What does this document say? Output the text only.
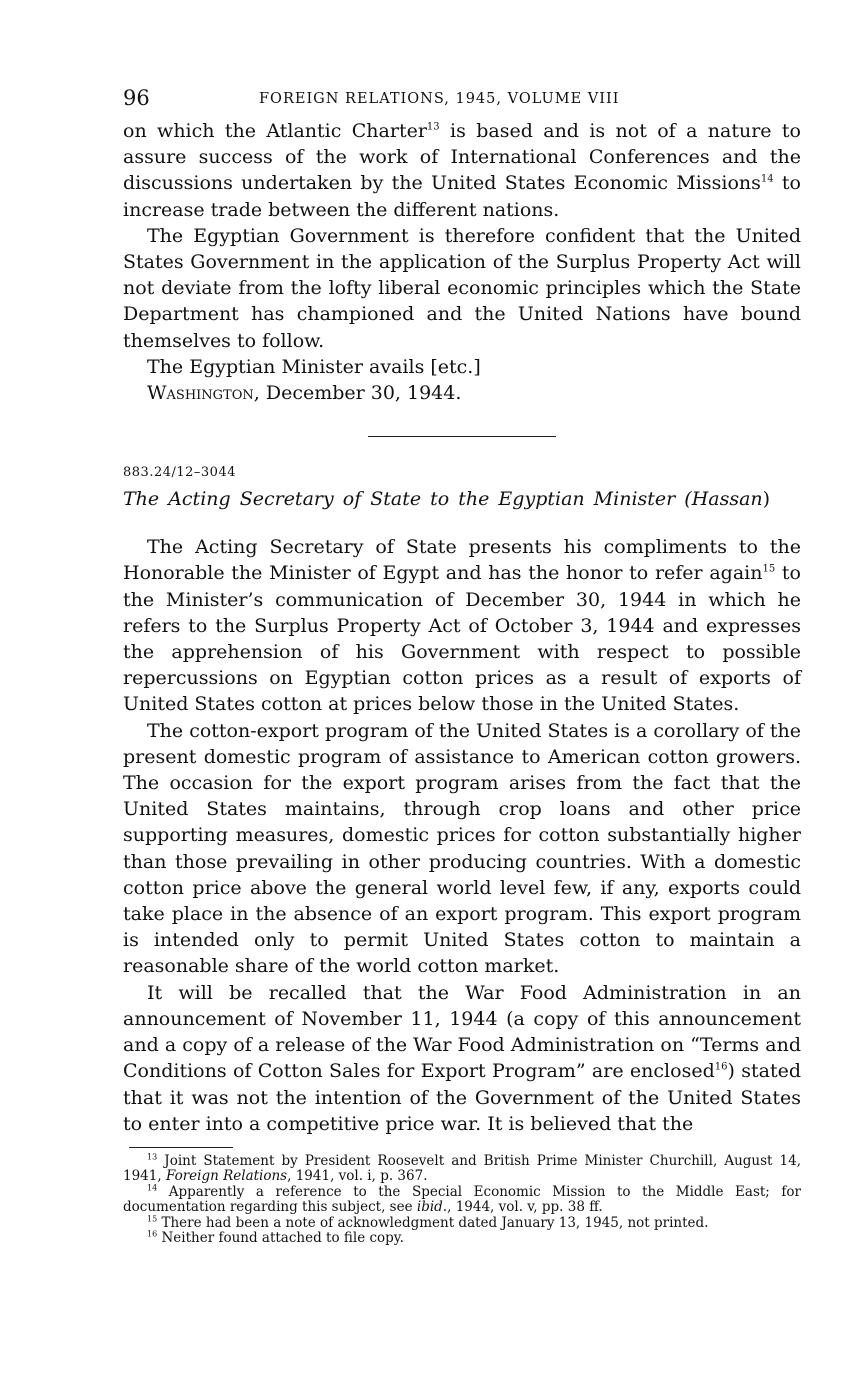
96	FOREIGN RELATIONS, 1945, VOLUME VIII

on which the Atlantic Charter$^{13}$ is based and is not of a nature to assure success of the work of International Conferences and the discussions undertaken by the United States Economic Missions$^{14}$ to increase trade between the different nations.

The Egyptian Government is therefore confident that the United States Government in the application of the Surplus Property Act will not deviate from the lofty liberal economic principles which the State Department has championed and the United Nations have bound themselves to follow.

The Egyptian Minister avails [etc.]

Washington, December 30, 1944.

883.24/12–3044

The Acting Secretary of State to the Egyptian Minister (Hassan)

The Acting Secretary of State presents his compliments to the Honorable the Minister of Egypt and has the honor to refer again$^{15}$ to the Minister’s communication of December 30, 1944 in which he refers to the Surplus Property Act of October 3, 1944 and expresses the apprehension of his Government with respect to possible repercussions on Egyptian cotton prices as a result of exports of United States cotton at prices below those in the United States.

The cotton-export program of the United States is a corollary of the present domestic program of assistance to American cotton growers. The occasion for the export program arises from the fact that the United States maintains, through crop loans and other price supporting measures, domestic prices for cotton substantially higher than those prevailing in other producing countries. With a domestic cotton price above the general world level few, if any, exports could take place in the absence of an export program. This export program is intended only to permit United States cotton to maintain a reasonable share of the world cotton market.

It will be recalled that the War Food Administration in an announcement of November 11, 1944 (a copy of this announcement and a copy of a release of the War Food Administration on “Terms and Conditions of Cotton Sales for Export Program” are enclosed$^{16}$) stated that it was not the intention of the Government of the United States to enter into a competitive price war. It is believed that the

$^{13}$ Joint Statement by President Roosevelt and British Prime Minister Churchill, August 14, 1941, Foreign Relations, 1941, vol. i, p. 367.

$^{14}$ Apparently a reference to the Special Economic Mission to the Middle East; for documentation regarding this subject, see ibid., 1944, vol. v, pp. 38 ff.

$^{15}$ There had been a note of acknowledgment dated January 13, 1945, not printed.

$^{16}$ Neither found attached to file copy.
